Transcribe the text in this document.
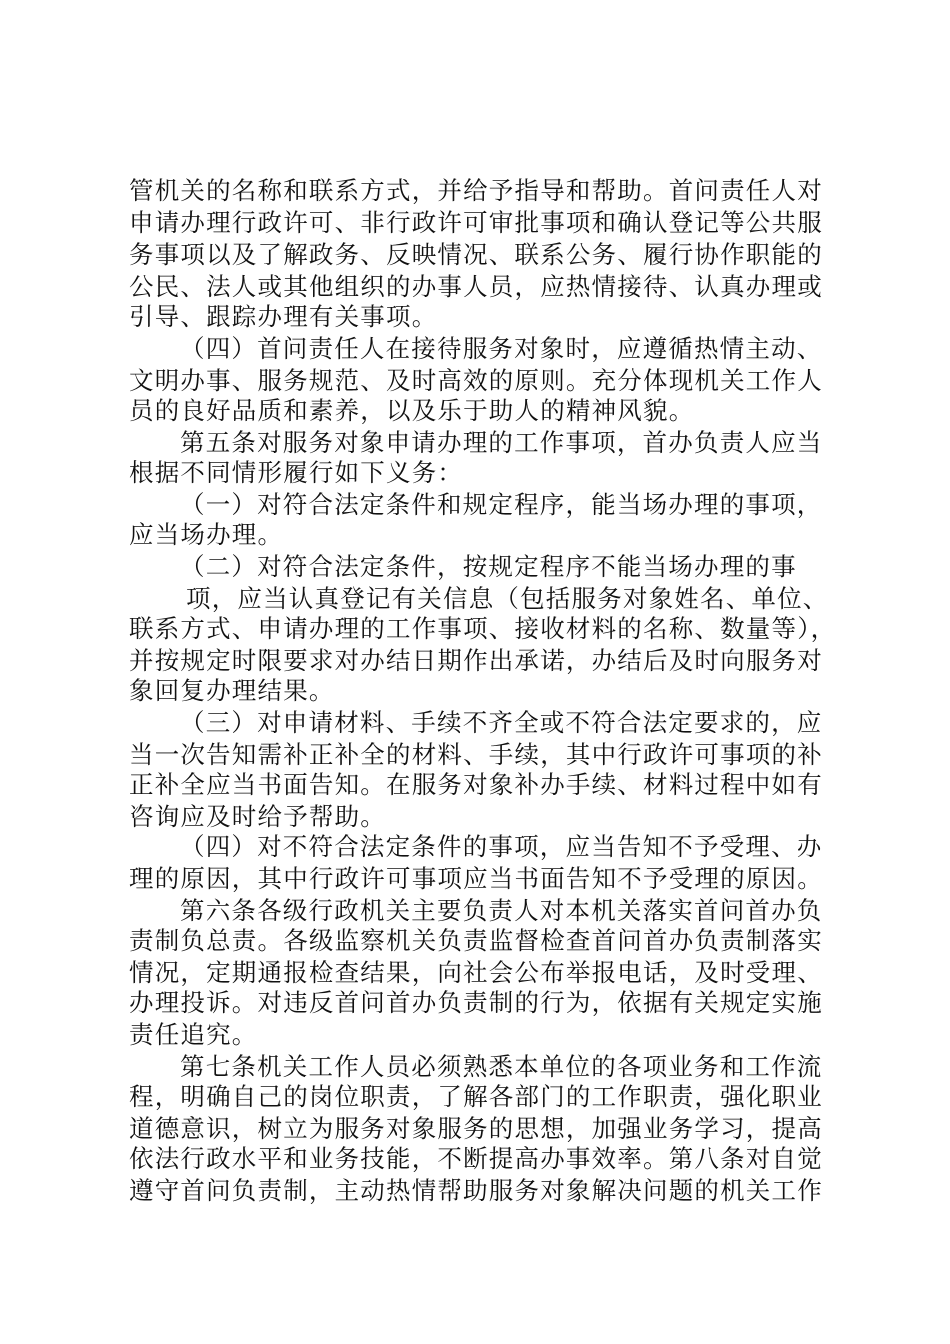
管机关的名称和联系方式，并给予指导和帮助。首问责任人对
申请办理行政许可、非行政许可审批事项和确认登记等公共服
务事项以及了解政务、反映情况、联系公务、履行协作职能的
公民、法人或其他组织的办事人员，应热情接待、认真办理或
引导、跟踪办理有关事项。
（四）首问责任人在接待服务对象时，应遵循热情主动、
文明办事、服务规范、及时高效的原则。充分体现机关工作人
员的良好品质和素养，以及乐于助人的精神风貌。
第五条对服务对象申请办理的工作事项，首办负责人应当
根据不同情形履行如下义务：
（一）对符合法定条件和规定程序，能当场办理的事项，
应当场办理。
（二）对符合法定条件，按规定程序不能当场办理的事
项，应当认真登记有关信息（包括服务对象姓名、单位、
联系方式、申请办理的工作事项、接收材料的名称、数量等），
并按规定时限要求对办结日期作出承诺，办结后及时向服务对
象回复办理结果。
（三）对申请材料、手续不齐全或不符合法定要求的，应
当一次告知需补正补全的材料、手续，其中行政许可事项的补
正补全应当书面告知。在服务对象补办手续、材料过程中如有
咨询应及时给予帮助。
（四）对不符合法定条件的事项，应当告知不予受理、办
理的原因，其中行政许可事项应当书面告知不予受理的原因。
第六条各级行政机关主要负责人对本机关落实首问首办负
责制负总责。各级监察机关负责监督检查首问首办负责制落实
情况，定期通报检查结果，向社会公布举报电话，及时受理、
办理投诉。对违反首问首办负责制的行为，依据有关规定实施
责任追究。
第七条机关工作人员必须熟悉本单位的各项业务和工作流
程，明确自己的岗位职责，了解各部门的工作职责，强化职业
道德意识，树立为服务对象服务的思想，加强业务学习，提高
依法行政水平和业务技能，不断提高办事效率。第八条对自觉
遵守首问负责制，主动热情帮助服务对象解决问题的机关工作
